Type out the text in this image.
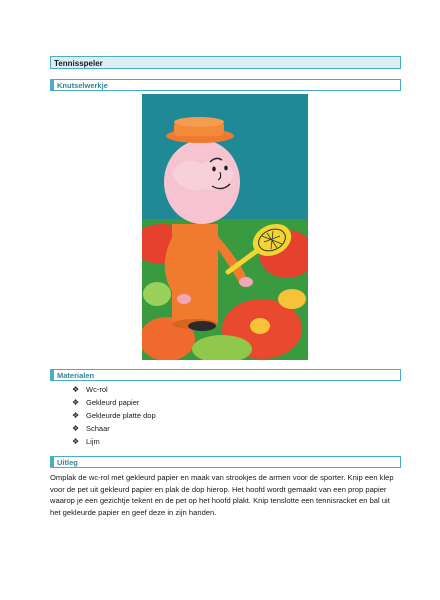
Tennisspeler
Knutselwerkje
Materialen
❖ Wc-rol
❖ Gekleurd papier
❖ Gekleurde platte dop
❖ Schaar
❖ Lijm
Uitleg

Omplak de wc-rol met gekleurd papier en maak van strookjes de armen voor de sporter. Knip een klep voor de pet uit gekleurd papier en plak de dop hierop. Het hoofd wordt gemaakt van een prop papier waarop je een gezichtje tekent en de pet op het hoofd plakt. Knip tenslotte een tennisracket en bal uit het gekleurde papier en geef deze in zijn handen.
